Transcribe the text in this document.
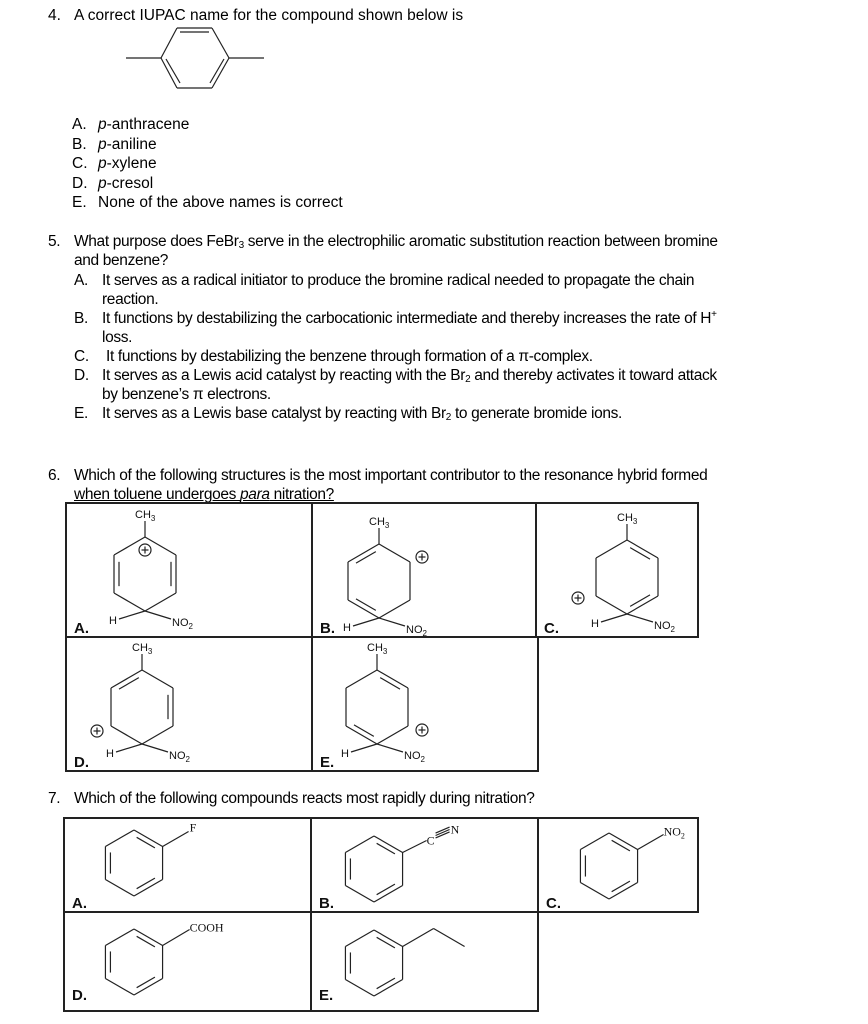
4. A correct IUPAC name for the compound shown below is
A. p-anthracene
B. p-aniline
C. p-xylene
D. p-cresol
E. None of the above names is correct
5. What purpose does FeBr$_3$ serve in the electrophilic aromatic substitution reaction between bromine
and benzene?
A. It serves as a radical initiator to produce the bromine radical needed to propagate the chain
reaction.
B. It functions by destabilizing the carbocationic intermediate and thereby increases the rate of H+
loss.
C. It functions by destabilizing the benzene through formation of a π-complex.
D. It serves as a Lewis acid catalyst by reacting with the $Br_2$ and thereby activates it toward attack
by benzene’s π electrons.
E. It serves as a Lewis base catalyst by reacting with $Br_2$ to generate bromide ions.
6. Which of the following structures is the most important contributor to the resonance hybrid formed
when toluene undergoes para nitration?
$CH_3$
H	$NO_2$
A.
$CH_3$
H	$NO_2$
B.
$CH_3$
H	$NO_2$
C.
$CH_3$
H	$NO_2$
D.
$CH_3$
H	$NO_2$
E.
7. Which of the following compounds reacts most rapidly during nitration?
F
A.
C
N
B.
$NO_2$
C.
COOH
D.	E.
